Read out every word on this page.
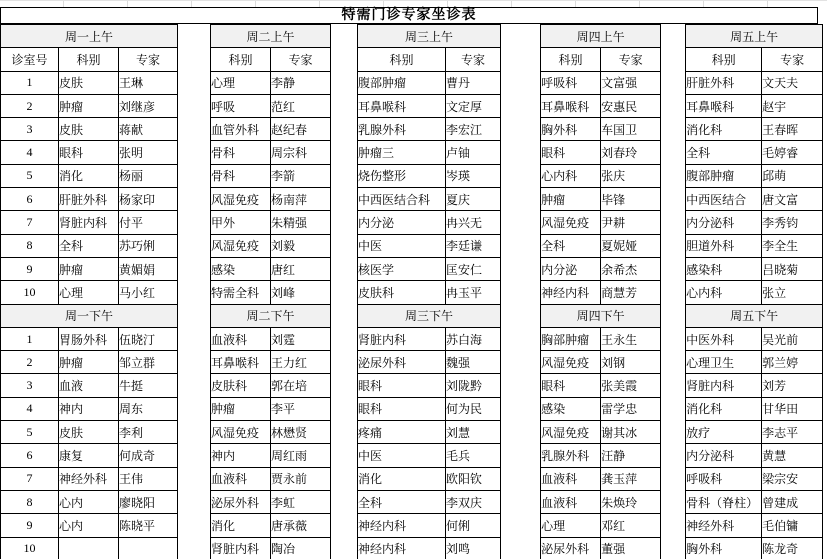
特需门诊专家坐诊表
周一上午		
诊室号	科别	专家
1	皮肤	王琳
2	肿瘤	刘继彦
3	皮肤	蒋献
4	眼科	张明
5	消化	杨丽
6	肝脏外科	杨家印
7	肾脏内科	付平
8	全科	苏巧俐
9	肿瘤	黄媚娟
10	心理	马小红
周一下午		
1	胃肠外科	伍晓汀
2	肿瘤	邹立群
3	血液	牛挺
4	神内	周东
5	皮肤	李利
6	康复	何成奇
7	神经外科	王伟
8	心内	廖晓阳
9	心内	陈晓平
10		
周二上午	
科别	专家
心理	李静
呼吸	范红
血管外科	赵纪春
骨科	周宗科
骨科	李箭
风湿免疫	杨南萍
甲外	朱精强
风湿免疫	刘毅
感染	唐红
特需全科	刘峰
周二下午	
血液科	刘霆
耳鼻喉科	王力红
皮肤科	郭在培
肿瘤	李平
风湿免疫	林懋贤
神内	周红雨
血液科	贾永前
泌尿外科	李虹
消化	唐承薇
肾脏内科	陶冶
周三上午	
科别	专家
腹部肿瘤	曹丹
耳鼻喉科	文定厚
乳腺外科	李宏江
肿瘤三	卢铀
烧伤整形	岑瑛
中西医结合科	夏庆
内分泌	冉兴无
中医	李廷谦
核医学	匡安仁
皮肤科	冉玉平
周三下午	
肾脏内科	苏白海
泌尿外科	魏强
眼科	刘陇黔
眼科	何为民
疼痛	刘慧
中医	毛兵
消化	欧阳钦
全科	李双庆
神经内科	何俐
神经内科	刘鸣
周四上午	
科别	专家
呼吸科	文富强
耳鼻喉科	安惠民
胸外科	车国卫
眼科	刘春玲
心内科	张庆
肿瘤	毕锋
风湿免疫	尹耕
全科	夏妮娅
内分泌	余希杰
神经内科	商慧芳
周四下午	
胸部肿瘤	王永生
风湿免疫	刘钢
眼科	张美霞
感染	雷学忠
风湿免疫	谢其冰
乳腺外科	汪静
血液科	龚玉萍
血液科	朱焕玲
心理	邓红
泌尿外科	董强
周五上午	
科别	专家
肝脏外科	文天夫
耳鼻喉科	赵宇
消化科	王春晖
全科	毛婷睿
腹部肿瘤	邱萌
中西医结合	唐文富
内分泌科	李秀钧
胆道外科	李全生
感染科	吕晓菊
心内科	张立
周五下午	
中医外科	吴光前
心理卫生	郭兰婷
肾脏内科	刘芳
消化科	甘华田
放疗	李志平
内分泌科	黄慧
呼吸科	梁宗安
骨科（脊柱）	曾建成
神经外科	毛伯镛
胸外科	陈龙奇
